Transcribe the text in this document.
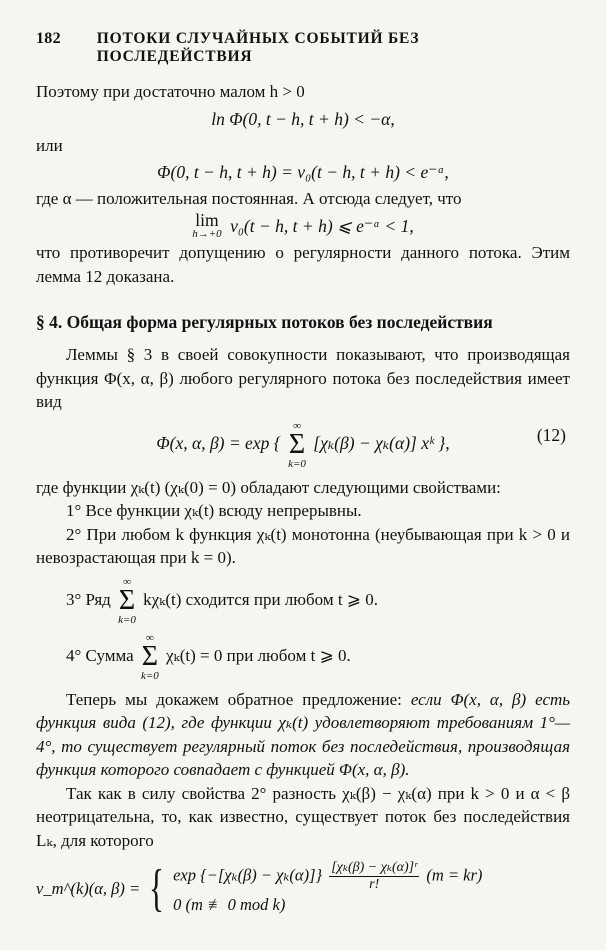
182	ПОТОКИ СЛУЧАЙНЫХ СОБЫТИЙ БЕЗ ПОСЛЕДЕЙСТВИЯ

Поэтому при достаточно малом h > 0

ln Φ(0, t − h, t + h) < −α,

или

Φ(0, t − h, t + h) = v₀(t − h, t + h) < e⁻ᵅ,

где α — положительная постоянная. А отсюда следует, что

lim
h→+0 v₀(t − h, t + h) ⩽ e⁻ᵅ < 1,

что противоречит допущению о регулярности данного потока. Этим лемма 12 доказана.

§ 4. Общая форма регулярных потоков без последействия

Леммы § 3 в своей совокупности показывают, что производящая функция Φ(x, α, β) любого регулярного потока без последействия имеет вид

Φ(x, α, β) = exp {
∞
Σ
k=0
[χₖ(β) − χₖ(α)] xᵏ },	(12)

где функции χₖ(t) (χₖ(0) = 0) обладают следующими свойствами:

1° Все функции χₖ(t) всюду непрерывны.

2° При любом k функция χₖ(t) монотонна (неубывающая при k > 0 и невозрастающая при k = 0).

3° Ряд
∞
Σ
k=0
kχₖ(t) сходится при любом t ⩾ 0.
4° Сумма
∞
Σ
k=0
χₖ(t) = 0 при любом t ⩾ 0.

Теперь мы докажем обратное предложение: если Φ(x, α, β) есть функция вида (12), где функции χₖ(t) удовлетворяют требованиям 1°—4°, то существует регулярный поток без последействия, производящая функция которого совпадает с функцией Φ(x, α, β).

Так как в силу свойства 2° разность χₖ(β) − χₖ(α) при k > 0 и α < β неотрицательна, то, как известно, существует поток без последействия Lₖ, для которого

v_m^(k)(α, β) = { $\exp \{-[\chi_k(\beta) - \chi_k(\alpha)]\} \frac{\text{[χₖ(β) − χₖ(α)]ʳ}}{r!} (m = kr)$
0 (m ≢ 0 mod k)
